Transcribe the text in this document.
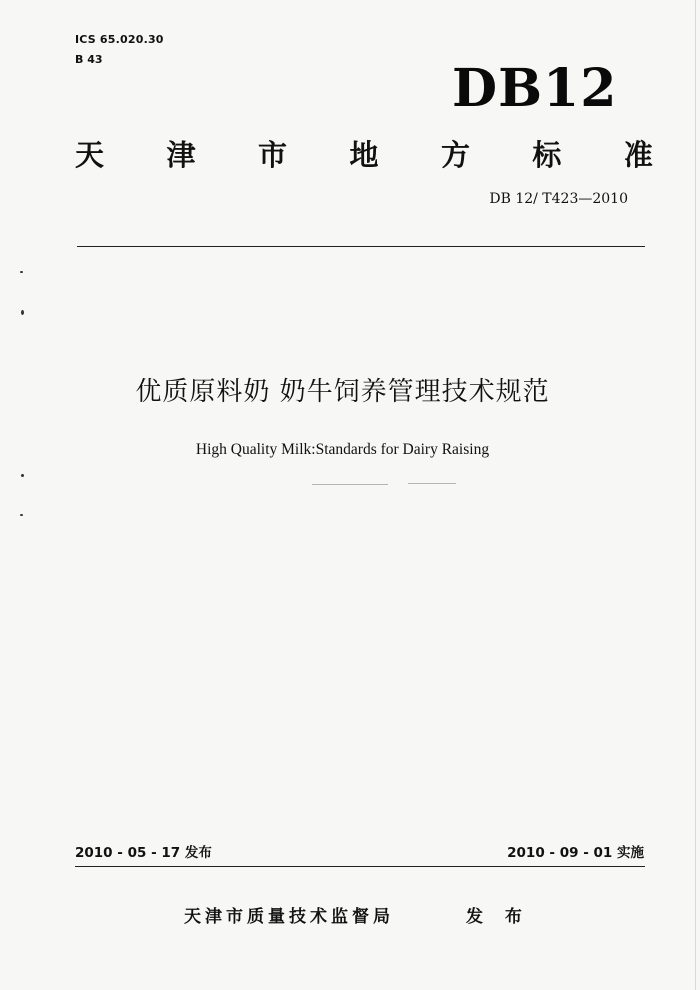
ICS 65.020.30
B 43	DB12
天 津 市 地 方 标 准
DB 12/ T423—2010
优质原料奶 奶牛饲养管理技术规范
High Quality Milk:Standards for Dairy Raising
2010 - 05 - 17 发布	2010 - 09 - 01 实施
天津市质量技术监督局	发 布
